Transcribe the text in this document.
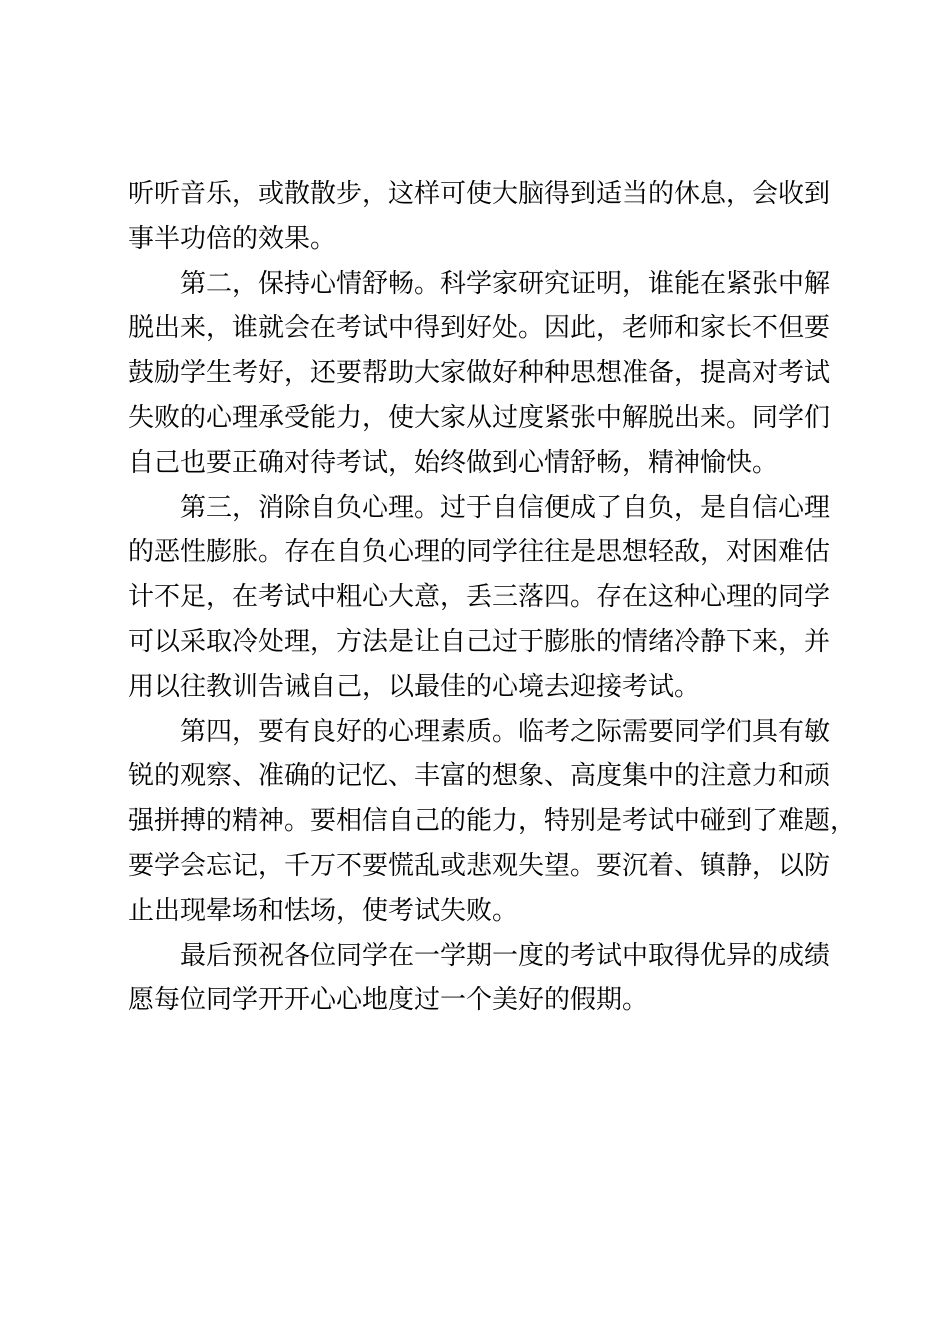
听听音乐，或散散步，这样可使大脑得到适当的休息，会收到
事半功倍的效果。
第二，保持心情舒畅。科学家研究证明，谁能在紧张中解
脱出来，谁就会在考试中得到好处。因此，老师和家长不但要
鼓励学生考好，还要帮助大家做好种种思想准备，提高对考试
失败的心理承受能力，使大家从过度紧张中解脱出来。同学们
自己也要正确对待考试，始终做到心情舒畅，精神愉快。
第三，消除自负心理。过于自信便成了自负，是自信心理
的恶性膨胀。存在自负心理的同学往往是思想轻敌，对困难估
计不足，在考试中粗心大意，丢三落四。存在这种心理的同学
可以采取冷处理，方法是让自己过于膨胀的情绪冷静下来，并
用以往教训告诫自己，以最佳的心境去迎接考试。
第四，要有良好的心理素质。临考之际需要同学们具有敏
锐的观察、准确的记忆、丰富的想象、高度集中的注意力和顽
强拼搏的精神。要相信自己的能力，特别是考试中碰到了难题，
要学会忘记，千万不要慌乱或悲观失望。要沉着、镇静，以防
止出现晕场和怯场，使考试失败。
最后预祝各位同学在一学期一度的考试中取得优异的成绩
愿每位同学开开心心地度过一个美好的假期。
